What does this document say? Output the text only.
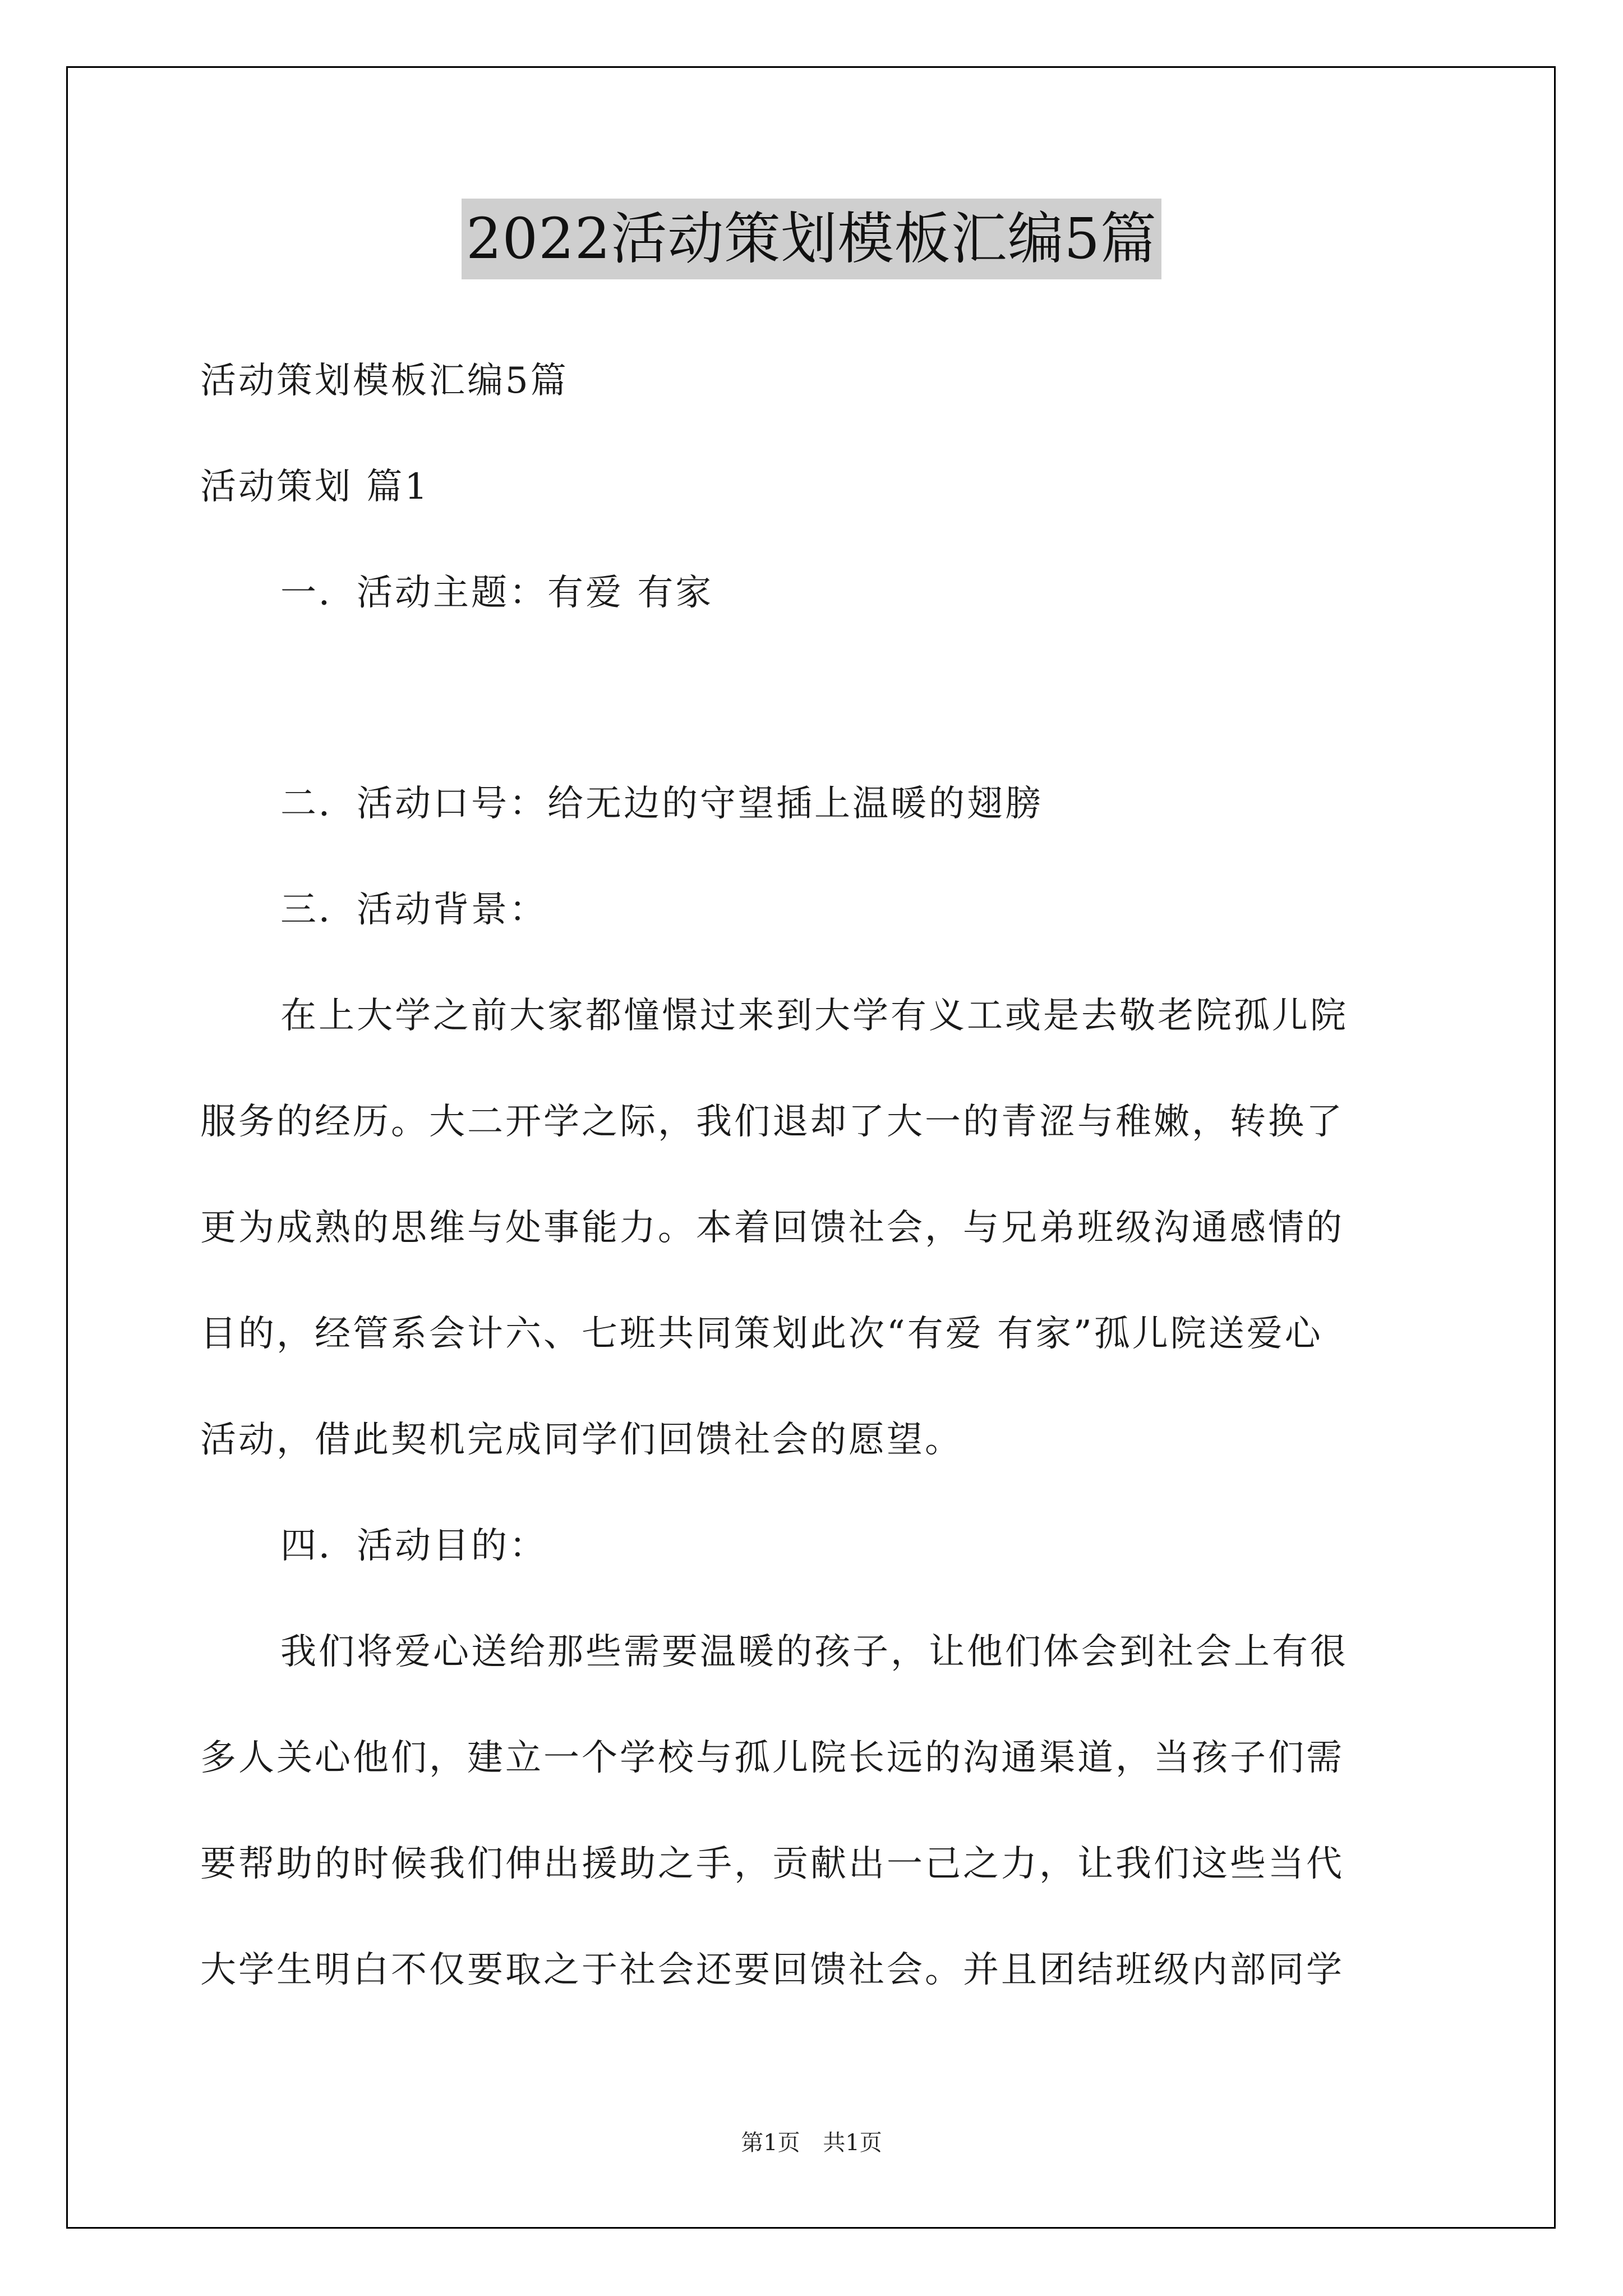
2022活动策划模板汇编5篇
活动策划模板汇编5篇
活动策划 篇1
一．活动主题：有爱 有家
二．活动口号：给无边的守望插上温暖的翅膀
三．活动背景：
在上大学之前大家都憧憬过来到大学有义工或是去敬老院孤儿院
服务的经历。大二开学之际，我们退却了大一的青涩与稚嫩，转换了
更为成熟的思维与处事能力。本着回馈社会，与兄弟班级沟通感情的
目的，经管系会计六、七班共同策划此次“有爱 有家”孤儿院送爱心
活动，借此契机完成同学们回馈社会的愿望。
四．活动目的：
我们将爱心送给那些需要温暖的孩子，让他们体会到社会上有很
多人关心他们，建立一个学校与孤儿院长远的沟通渠道，当孩子们需
要帮助的时候我们伸出援助之手，贡献出一己之力，让我们这些当代
大学生明白不仅要取之于社会还要回馈社会。并且团结班级内部同学
第1页 共1页
